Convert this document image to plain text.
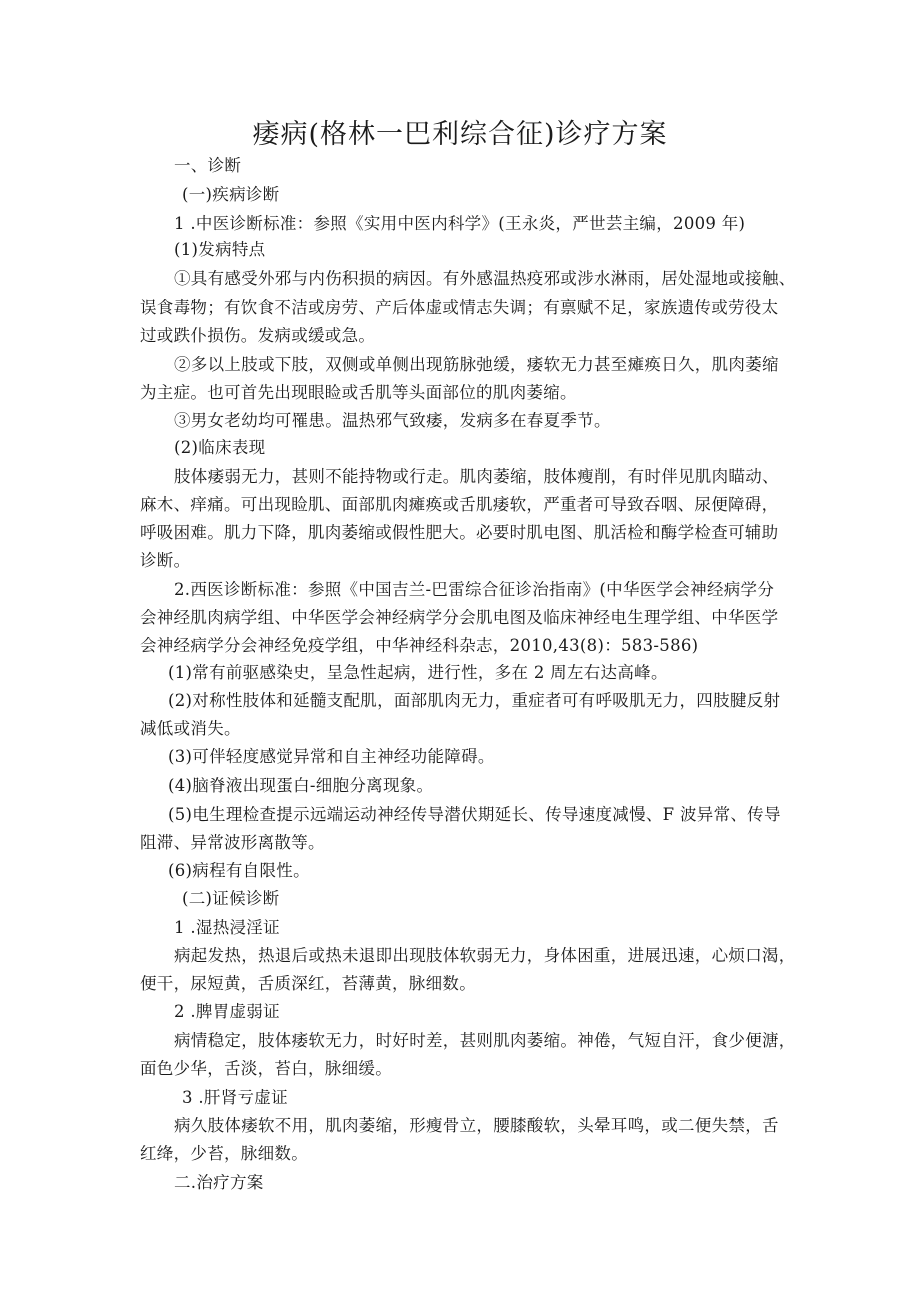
痿病(格林一巴利综合征)诊疗方案
一、诊断
(一)疾病诊断
1 .中医诊断标准：参照《实用中医内科学》(王永炎，严世芸主编，2009 年)
(1)发病特点
①具有感受外邪与内伤积损的病因。有外感温热疫邪或涉水淋雨，居处湿地或接触、
误食毒物；有饮食不洁或房劳、产后体虚或情志失调；有禀赋不足，家族遗传或劳役太
过或跌仆损伤。发病或缓或急。
②多以上肢或下肢，双侧或单侧出现筋脉弛缓，痿软无力甚至瘫痪日久，肌肉萎缩
为主症。也可首先出现眼睑或舌肌等头面部位的肌肉萎缩。
③男女老幼均可罹患。温热邪气致痿，发病多在春夏季节。
(2)临床表现
肢体痿弱无力，甚则不能持物或行走。肌肉萎缩，肢体瘦削，有时伴见肌肉瞄动、
麻木、痒痛。可出现睑肌、面部肌肉瘫痪或舌肌痿软，严重者可导致吞咽、尿便障碍，
呼吸困难。肌力下降，肌肉萎缩或假性肥大。必要时肌电图、肌活检和酶学检查可辅助
诊断。
2.西医诊断标准：参照《中国吉兰-巴雷综合征诊治指南》(中华医学会神经病学分
会神经肌肉病学组、中华医学会神经病学分会肌电图及临床神经电生理学组、中华医学
会神经病学分会神经免疫学组，中华神经科杂志，2010,43(8)：583-586)
(1)常有前驱感染史，呈急性起病，进行性，多在 2 周左右达高峰。
(2)对称性肢体和延髓支配肌，面部肌肉无力，重症者可有呼吸肌无力，四肢腱反射
减低或消失。
(3)可伴轻度感觉异常和自主神经功能障碍。
(4)脑脊液出现蛋白-细胞分离现象。
(5)电生理检查提示远端运动神经传导潜伏期延长、传导速度减慢、F 波异常、传导
阻滞、异常波形离散等。
(6)病程有自限性。
(二)证候诊断
1 .湿热浸淫证
病起发热，热退后或热未退即出现肢体软弱无力，身体困重，进展迅速，心烦口渴，
便干，尿短黄，舌质深红，苔薄黄，脉细数。
2 .脾胃虚弱证
病情稳定，肢体痿软无力，时好时差，甚则肌肉萎缩。神倦，气短自汗，食少便溏，
面色少华，舌淡，苔白，脉细缓。
3 .肝肾亏虚证
病久肢体痿软不用，肌肉萎缩，形瘦骨立，腰膝酸软，头晕耳鸣，或二便失禁，舌
红绛，少苔，脉细数。
二.治疗方案
